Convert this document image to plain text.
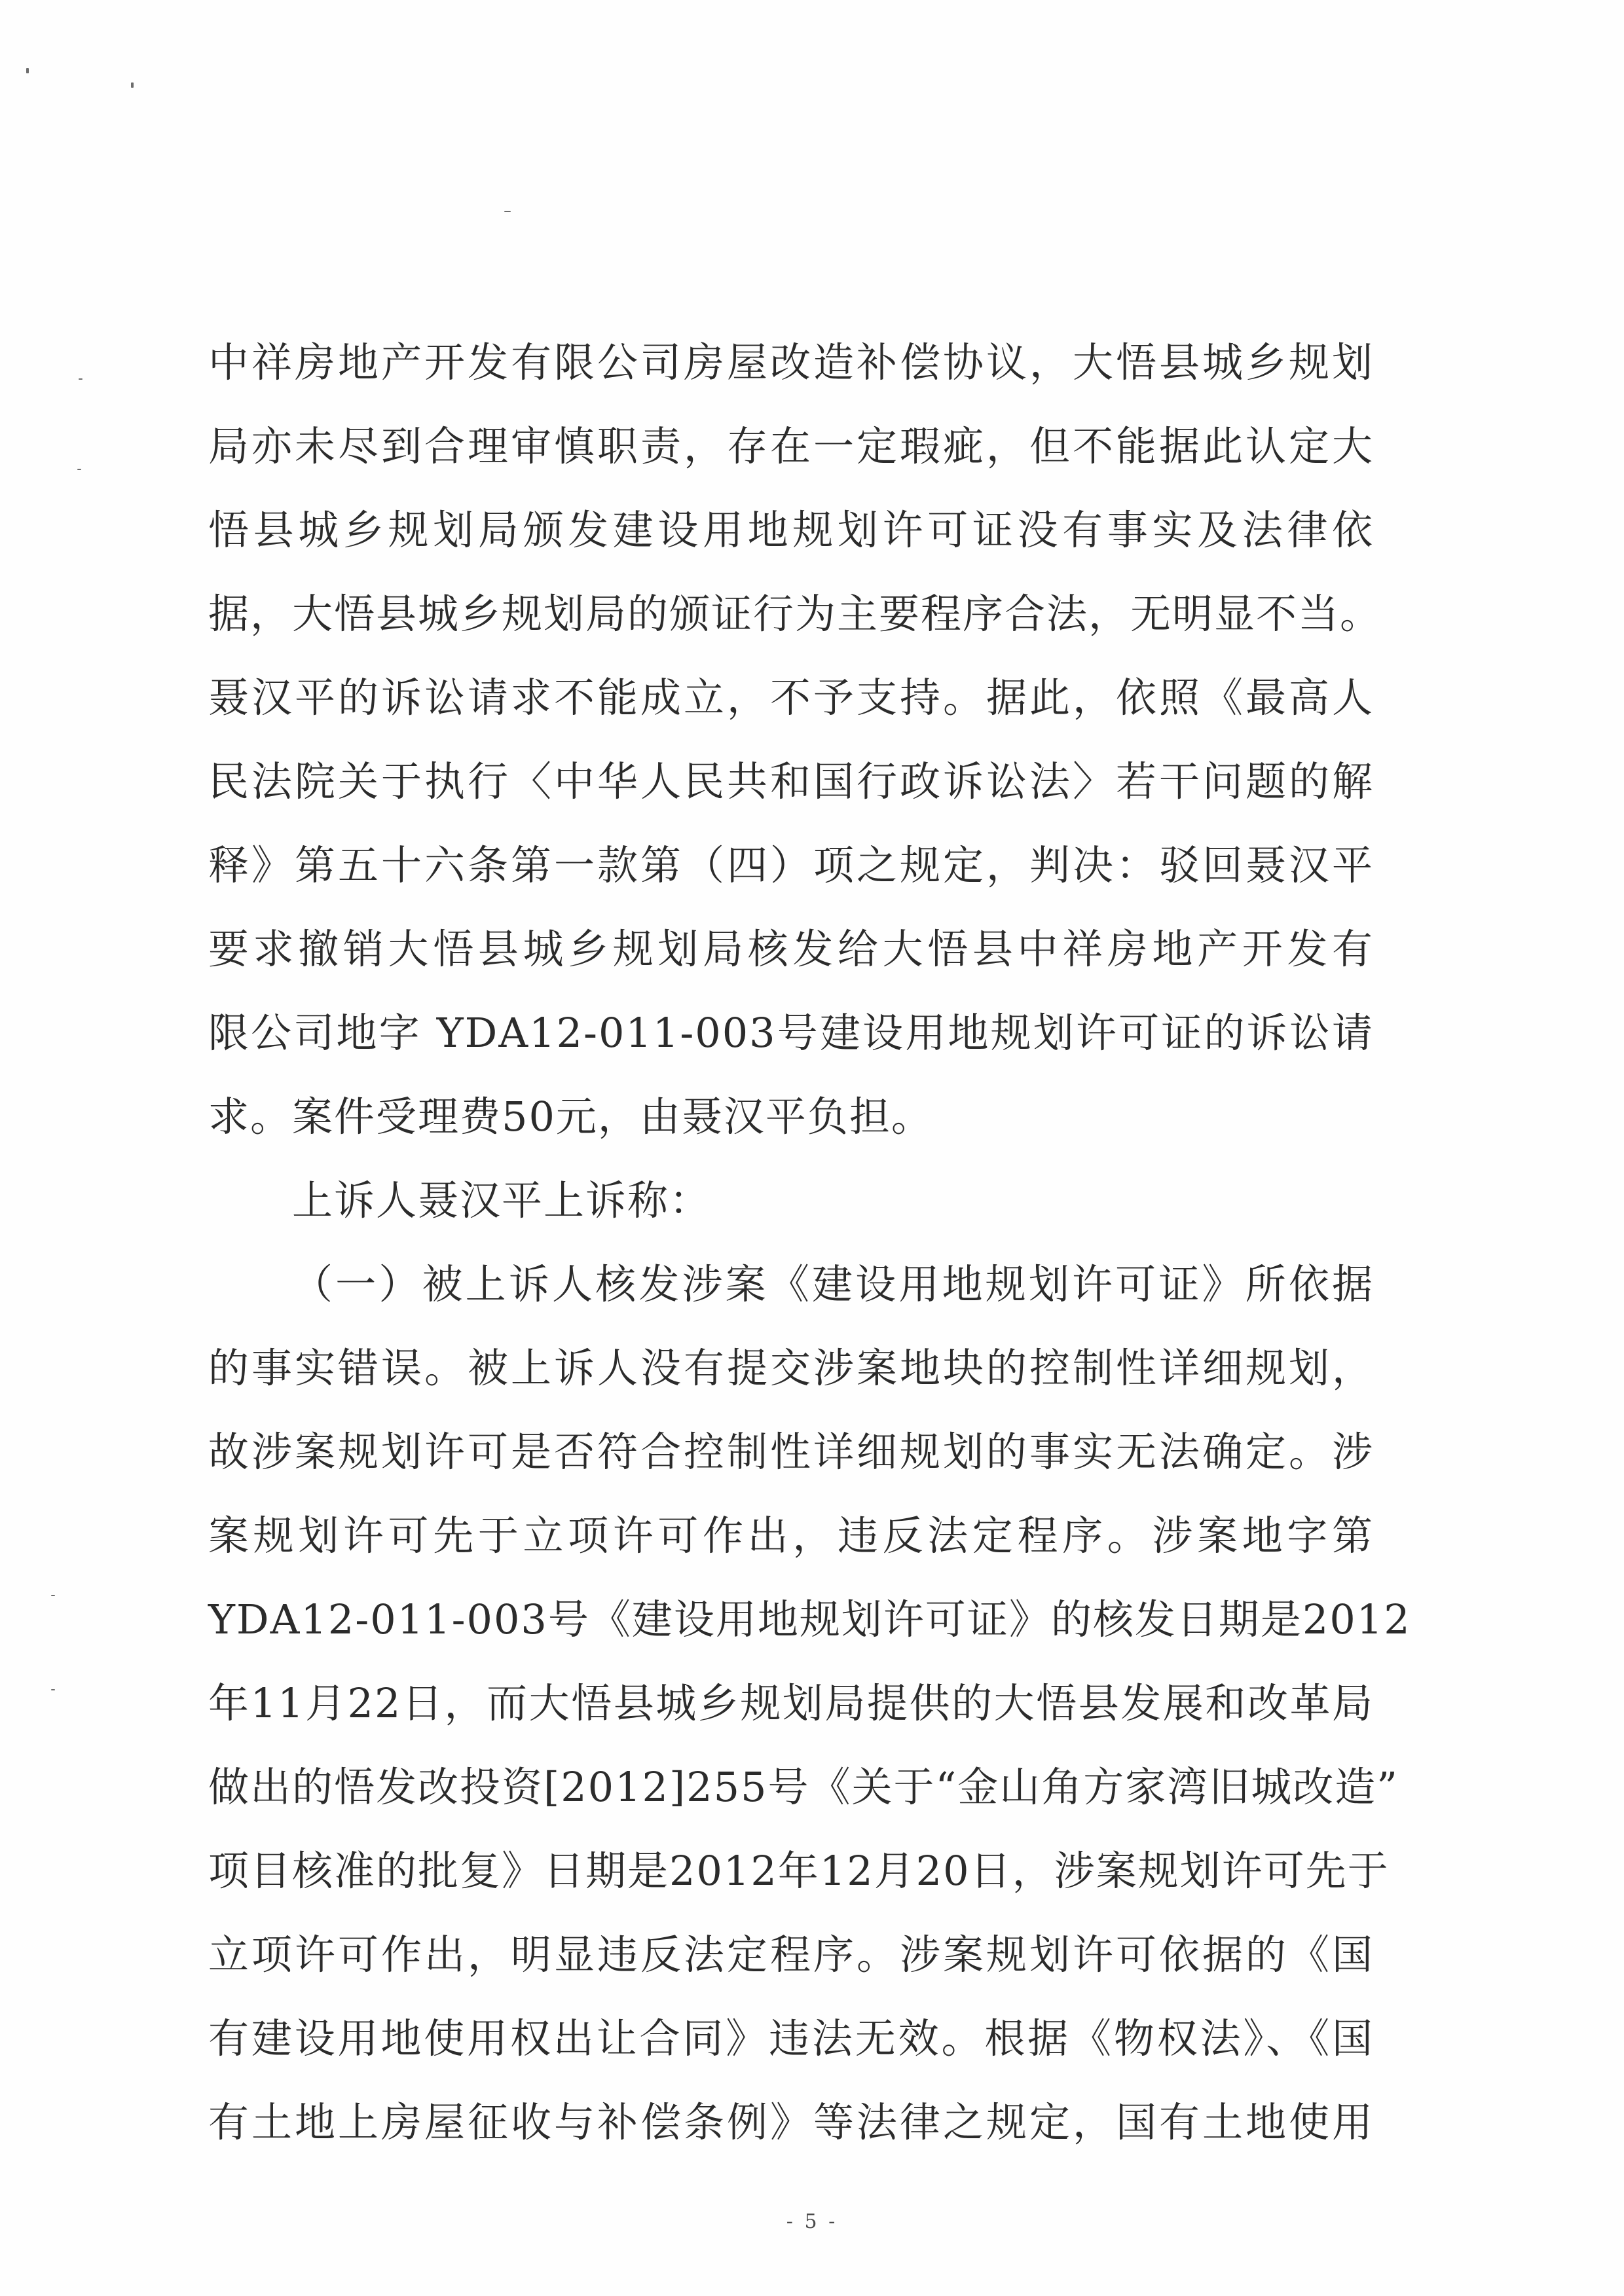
中祥房地产开发有限公司房屋改造补偿协议，大悟县城乡规划
局亦未尽到合理审慎职责，存在一定瑕疵，但不能据此认定大
悟县城乡规划局颁发建设用地规划许可证没有事实及法律依
据，大悟县城乡规划局的颁证行为主要程序合法，无明显不当。
聂汉平的诉讼请求不能成立，不予支持。据此，依照《最高人
民法院关于执行〈中华人民共和国行政诉讼法〉若干问题的解
释》第五十六条第一款第（四）项之规定，判决：驳回聂汉平
要求撤销大悟县城乡规划局核发给大悟县中祥房地产开发有
限公司地字 YDA12-011-003号建设用地规划许可证的诉讼请
求。案件受理费50元，由聂汉平负担。
上诉人聂汉平上诉称：
（一）被上诉人核发涉案《建设用地规划许可证》所依据
的事实错误。被上诉人没有提交涉案地块的控制性详细规划，
故涉案规划许可是否符合控制性详细规划的事实无法确定。涉
案规划许可先于立项许可作出，违反法定程序。涉案地字第
YDA12-011-003号《建设用地规划许可证》的核发日期是2012
年11月22日，而大悟县城乡规划局提供的大悟县发展和改革局
做出的悟发改投资[2012]255号《关于“金山角方家湾旧城改造”
项目核准的批复》日期是2012年12月20日，涉案规划许可先于
立项许可作出，明显违反法定程序。涉案规划许可依据的《国
有建设用地使用权出让合同》违法无效。根据《物权法》、《国
有土地上房屋征收与补偿条例》等法律之规定，国有土地使用
- 5 -
